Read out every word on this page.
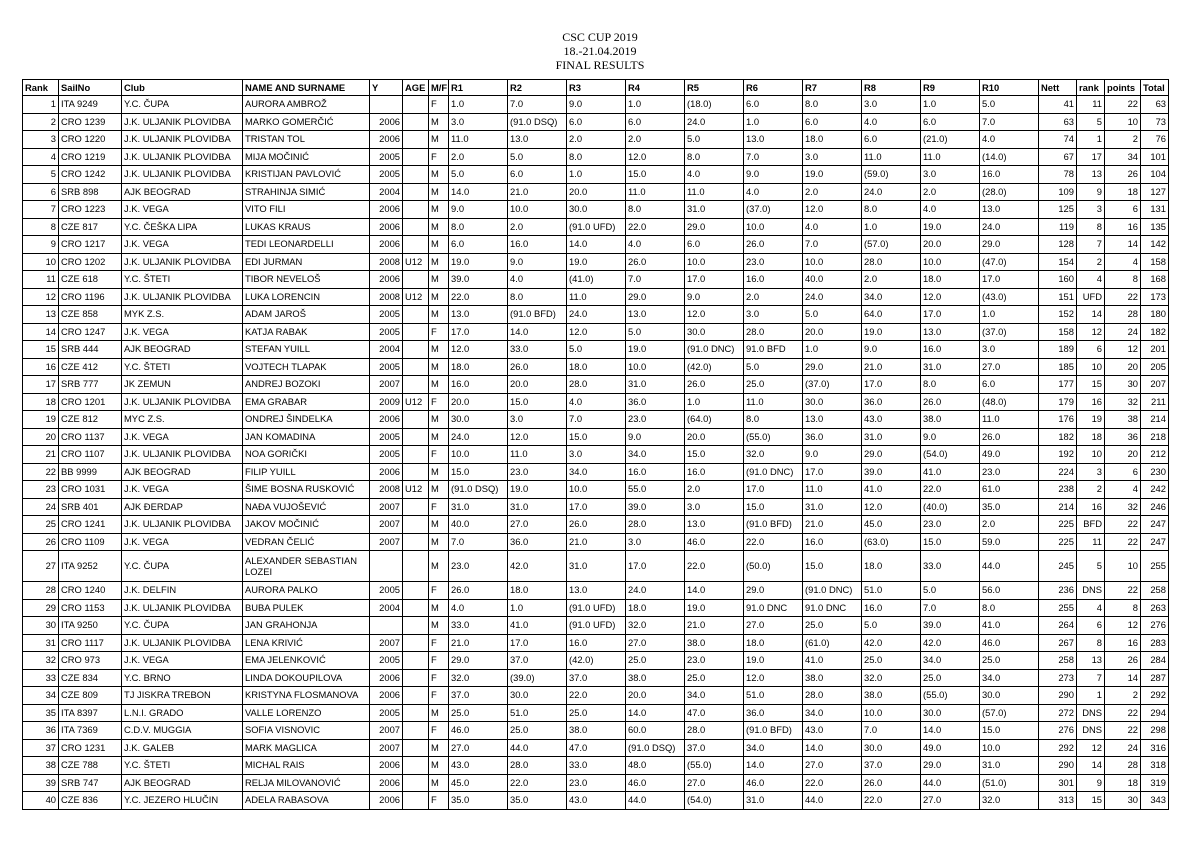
CSC CUP 2019
18.-21.04.2019
FINAL RESULTS
Rank	SailNo	Club	NAME AND SURNAME	Y	AGE	M/F	R1	R2	R3	R4	R5	R6	R7	R8	R9	R10	Nett	rank	points	Total
1	ITA 9249	Y.C. ČUPA	AURORA AMBROŽ			F	1.0	7.0	9.0	1.0	(18.0)	6.0	8.0	3.0	1.0	5.0	41	11	22	63
2	CRO 1239	J.K. ULJANIK PLOVIDBA	MARKO GOMERČIĆ	2006		M	3.0	(91.0 DSQ)	6.0	6.0	24.0	1.0	6.0	4.0	6.0	7.0	63	5	10	73
3	CRO 1220	J.K. ULJANIK PLOVIDBA	TRISTAN TOL	2006		M	11.0	13.0	2.0	2.0	5.0	13.0	18.0	6.0	(21.0)	4.0	74	1	2	76
4	CRO 1219	J.K. ULJANIK PLOVIDBA	MIJA MOČINIĆ	2005		F	2.0	5.0	8.0	12.0	8.0	7.0	3.0	11.0	11.0	(14.0)	67	17	34	101
5	CRO 1242	J.K. ULJANIK PLOVIDBA	KRISTIJAN PAVLOVIĆ	2005		M	5.0	6.0	1.0	15.0	4.0	9.0	19.0	(59.0)	3.0	16.0	78	13	26	104
6	SRB 898	AJK BEOGRAD	STRAHINJA SIMIĆ	2004		M	14.0	21.0	20.0	11.0	11.0	4.0	2.0	24.0	2.0	(28.0)	109	9	18	127
7	CRO 1223	J.K. VEGA	VITO FILI	2006		M	9.0	10.0	30.0	8.0	31.0	(37.0)	12.0	8.0	4.0	13.0	125	3	6	131
8	CZE 817	Y.C. ČEŠKA LIPA	LUKAS KRAUS	2006		M	8.0	2.0	(91.0 UFD)	22.0	29.0	10.0	4.0	1.0	19.0	24.0	119	8	16	135
9	CRO 1217	J.K. VEGA	TEDI LEONARDELLI	2006		M	6.0	16.0	14.0	4.0	6.0	26.0	7.0	(57.0)	20.0	29.0	128	7	14	142
10	CRO 1202	J.K. ULJANIK PLOVIDBA	EDI JURMAN	2008	U12	M	19.0	9.0	19.0	26.0	10.0	23.0	10.0	28.0	10.0	(47.0)	154	2	4	158
11	CZE 618	Y.C. ŠTETI	TIBOR NEVELOŠ	2006		M	39.0	4.0	(41.0)	7.0	17.0	16.0	40.0	2.0	18.0	17.0	160	4	8	168
12	CRO 1196	J.K. ULJANIK PLOVIDBA	LUKA LORENCIN	2008	U12	M	22.0	8.0	11.0	29.0	9.0	2.0	24.0	34.0	12.0	(43.0)	151	UFD	22	173
13	CZE 858	MYK Z.S.	ADAM JAROŠ	2005		M	13.0	(91.0 BFD)	24.0	13.0	12.0	3.0	5.0	64.0	17.0	1.0	152	14	28	180
14	CRO 1247	J.K. VEGA	KATJA RABAK	2005		F	17.0	14.0	12.0	5.0	30.0	28.0	20.0	19.0	13.0	(37.0)	158	12	24	182
15	SRB 444	AJK BEOGRAD	STEFAN YUILL	2004		M	12.0	33.0	5.0	19.0	(91.0 DNC)	91.0 BFD	1.0	9.0	16.0	3.0	189	6	12	201
16	CZE 412	Y.C. ŠTETI	VOJTECH TLAPAK	2005		M	18.0	26.0	18.0	10.0	(42.0)	5.0	29.0	21.0	31.0	27.0	185	10	20	205
17	SRB 777	JK ZEMUN	ANDREJ BOZOKI	2007		M	16.0	20.0	28.0	31.0	26.0	25.0	(37.0)	17.0	8.0	6.0	177	15	30	207
18	CRO 1201	J.K. ULJANIK PLOVIDBA	EMA GRABAR	2009	U12	F	20.0	15.0	4.0	36.0	1.0	11.0	30.0	36.0	26.0	(48.0)	179	16	32	211
19	CZE 812	MYC Z.S.	ONDREJ ŠINDELKA	2006		M	30.0	3.0	7.0	23.0	(64.0)	8.0	13.0	43.0	38.0	11.0	176	19	38	214
20	CRO 1137	J.K. VEGA	JAN KOMADINA	2005		M	24.0	12.0	15.0	9.0	20.0	(55.0)	36.0	31.0	9.0	26.0	182	18	36	218
21	CRO 1107	J.K. ULJANIK PLOVIDBA	NOA GORIČKI	2005		F	10.0	11.0	3.0	34.0	15.0	32.0	9.0	29.0	(54.0)	49.0	192	10	20	212
22	BB 9999	AJK BEOGRAD	FILIP YUILL	2006		M	15.0	23.0	34.0	16.0	16.0	(91.0 DNC)	17.0	39.0	41.0	23.0	224	3	6	230
23	CRO 1031	J.K. VEGA	ŠIME BOSNA RUSKOVIĆ	2008	U12	M	(91.0 DSQ)	19.0	10.0	55.0	2.0	17.0	11.0	41.0	22.0	61.0	238	2	4	242
24	SRB 401	AJK ĐERDAP	NAĐA VUJOŠEVIĆ	2007		F	31.0	31.0	17.0	39.0	3.0	15.0	31.0	12.0	(40.0)	35.0	214	16	32	246
25	CRO 1241	J.K. ULJANIK PLOVIDBA	JAKOV MOČINIĆ	2007		M	40.0	27.0	26.0	28.0	13.0	(91.0 BFD)	21.0	45.0	23.0	2.0	225	BFD	22	247
26	CRO 1109	J.K. VEGA	VEDRAN ČELIĆ	2007		M	7.0	36.0	21.0	3.0	46.0	22.0	16.0	(63.0)	15.0	59.0	225	11	22	247
27	ITA 9252	Y.C. ČUPA	ALEXANDER SEBASTIAN LOZEI			M	23.0	42.0	31.0	17.0	22.0	(50.0)	15.0	18.0	33.0	44.0	245	5	10	255
28	CRO 1240	J.K. DELFIN	AURORA PALKO	2005		F	26.0	18.0	13.0	24.0	14.0	29.0	(91.0 DNC)	51.0	5.0	56.0	236	DNS	22	258
29	CRO 1153	J.K. ULJANIK PLOVIDBA	BUBA PULEK	2004		M	4.0	1.0	(91.0 UFD)	18.0	19.0	91.0 DNC	91.0 DNC	16.0	7.0	8.0	255	4	8	263
30	ITA 9250	Y.C. ČUPA	JAN GRAHONJA			M	33.0	41.0	(91.0 UFD)	32.0	21.0	27.0	25.0	5.0	39.0	41.0	264	6	12	276
31	CRO 1117	J.K. ULJANIK PLOVIDBA	LENA KRIVIĆ	2007		F	21.0	17.0	16.0	27.0	38.0	18.0	(61.0)	42.0	42.0	46.0	267	8	16	283
32	CRO 973	J.K. VEGA	EMA JELENKOVIĆ	2005		F	29.0	37.0	(42.0)	25.0	23.0	19.0	41.0	25.0	34.0	25.0	258	13	26	284
33	CZE 834	Y.C. BRNO	LINDA DOKOUPILOVA	2006		F	32.0	(39.0)	37.0	38.0	25.0	12.0	38.0	32.0	25.0	34.0	273	7	14	287
34	CZE 809	TJ JISKRA TREBON	KRISTYNA FLOSMANOVA	2006		F	37.0	30.0	22.0	20.0	34.0	51.0	28.0	38.0	(55.0)	30.0	290	1	2	292
35	ITA 8397	L.N.I. GRADO	VALLE LORENZO	2005		M	25.0	51.0	25.0	14.0	47.0	36.0	34.0	10.0	30.0	(57.0)	272	DNS	22	294
36	ITA 7369	C.D.V. MUGGIA	SOFIA VISNOVIC	2007		F	46.0	25.0	38.0	60.0	28.0	(91.0 BFD)	43.0	7.0	14.0	15.0	276	DNS	22	298
37	CRO 1231	J.K. GALEB	MARK MAGLICA	2007		M	27.0	44.0	47.0	(91.0 DSQ)	37.0	34.0	14.0	30.0	49.0	10.0	292	12	24	316
38	CZE 788	Y.C. ŠTETI	MICHAL RAIS	2006		M	43.0	28.0	33.0	48.0	(55.0)	14.0	27.0	37.0	29.0	31.0	290	14	28	318
39	SRB 747	AJK BEOGRAD	RELJA MILOVANOVIĆ	2006		M	45.0	22.0	23.0	46.0	27.0	46.0	22.0	26.0	44.0	(51.0)	301	9	18	319
40	CZE 836	Y.C. JEZERO HLUČIN	ADELA RABASOVA	2006		F	35.0	35.0	43.0	44.0	(54.0)	31.0	44.0	22.0	27.0	32.0	313	15	30	343
